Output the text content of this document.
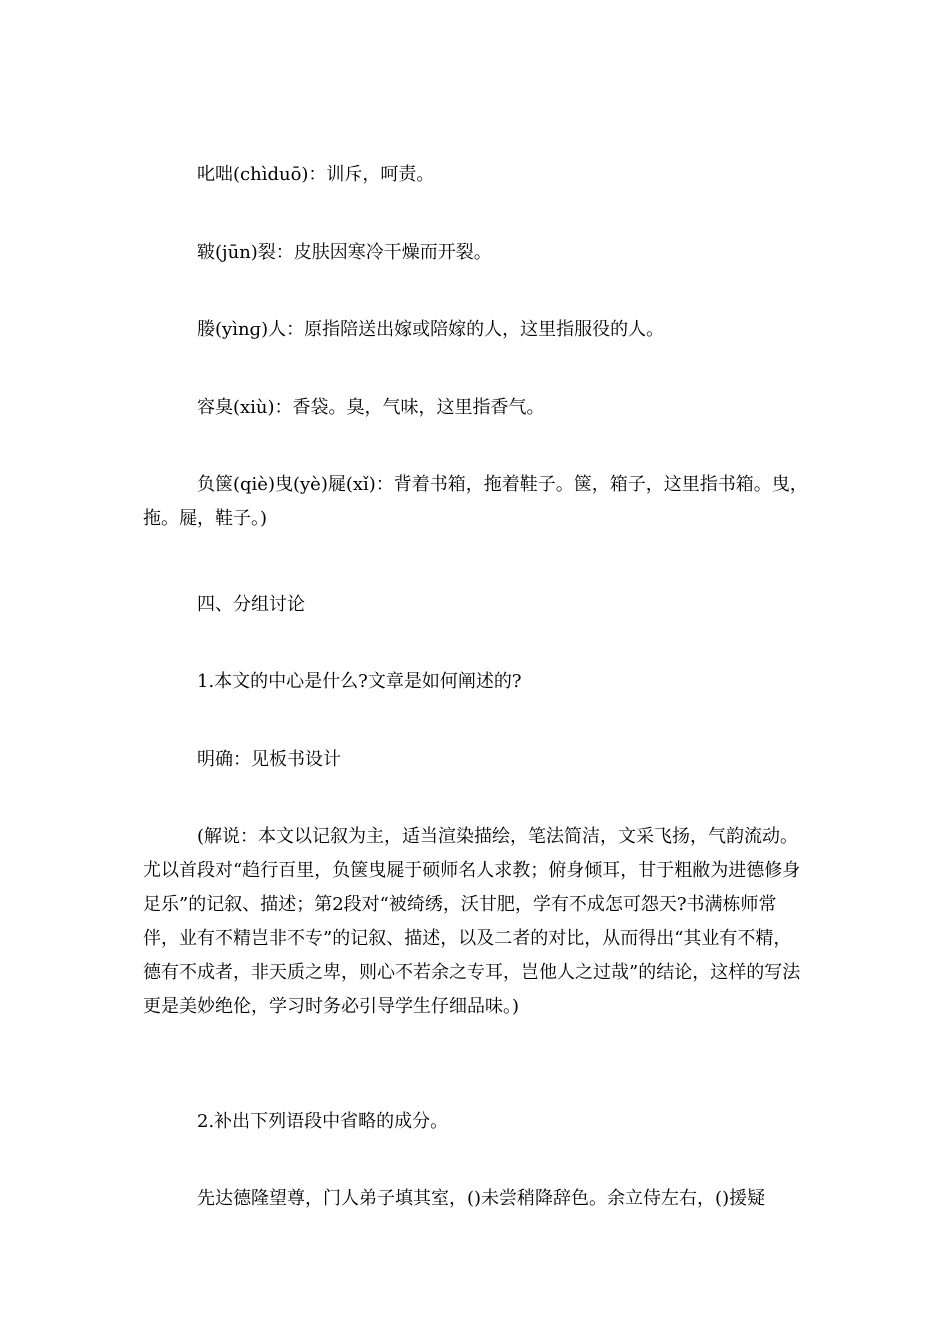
叱咄(chìduō)：训斥，呵责。

皲(jūn)裂：皮肤因寒冷干燥而开裂。

媵(yìnɡ)人：原指陪送出嫁或陪嫁的人，这里指服役的人。

容臭(xiù)：香袋。臭，气味，这里指香气。

负箧(qiè)曳(yè)屣(xǐ)：背着书箱，拖着鞋子。箧，箱子，这里指书箱。曳，拖。屣，鞋子。)

四、分组讨论

1.本文的中心是什么?文章是如何阐述的?

明确：见板书设计

(解说：本文以记叙为主，适当渲染描绘，笔法简洁，文采飞扬，气韵流动。尤以首段对“趋行百里，负箧曳屣于硕师名人求教；俯身倾耳，甘于粗敝为进德修身足乐”的记叙、描述；第2段对“被绮绣，沃甘肥，学有不成怎可怨天?书满栋师常伴，业有不精岂非不专”的记叙、描述，以及二者的对比，从而得出“其业有不精，德有不成者，非天质之卑，则心不若余之专耳，岂他人之过哉”的结论，这样的写法更是美妙绝伦，学习时务必引导学生仔细品味。)

2.补出下列语段中省略的成分。

先达德隆望尊，门人弟子填其室，()未尝稍降辞色。余立侍左右，()援疑
